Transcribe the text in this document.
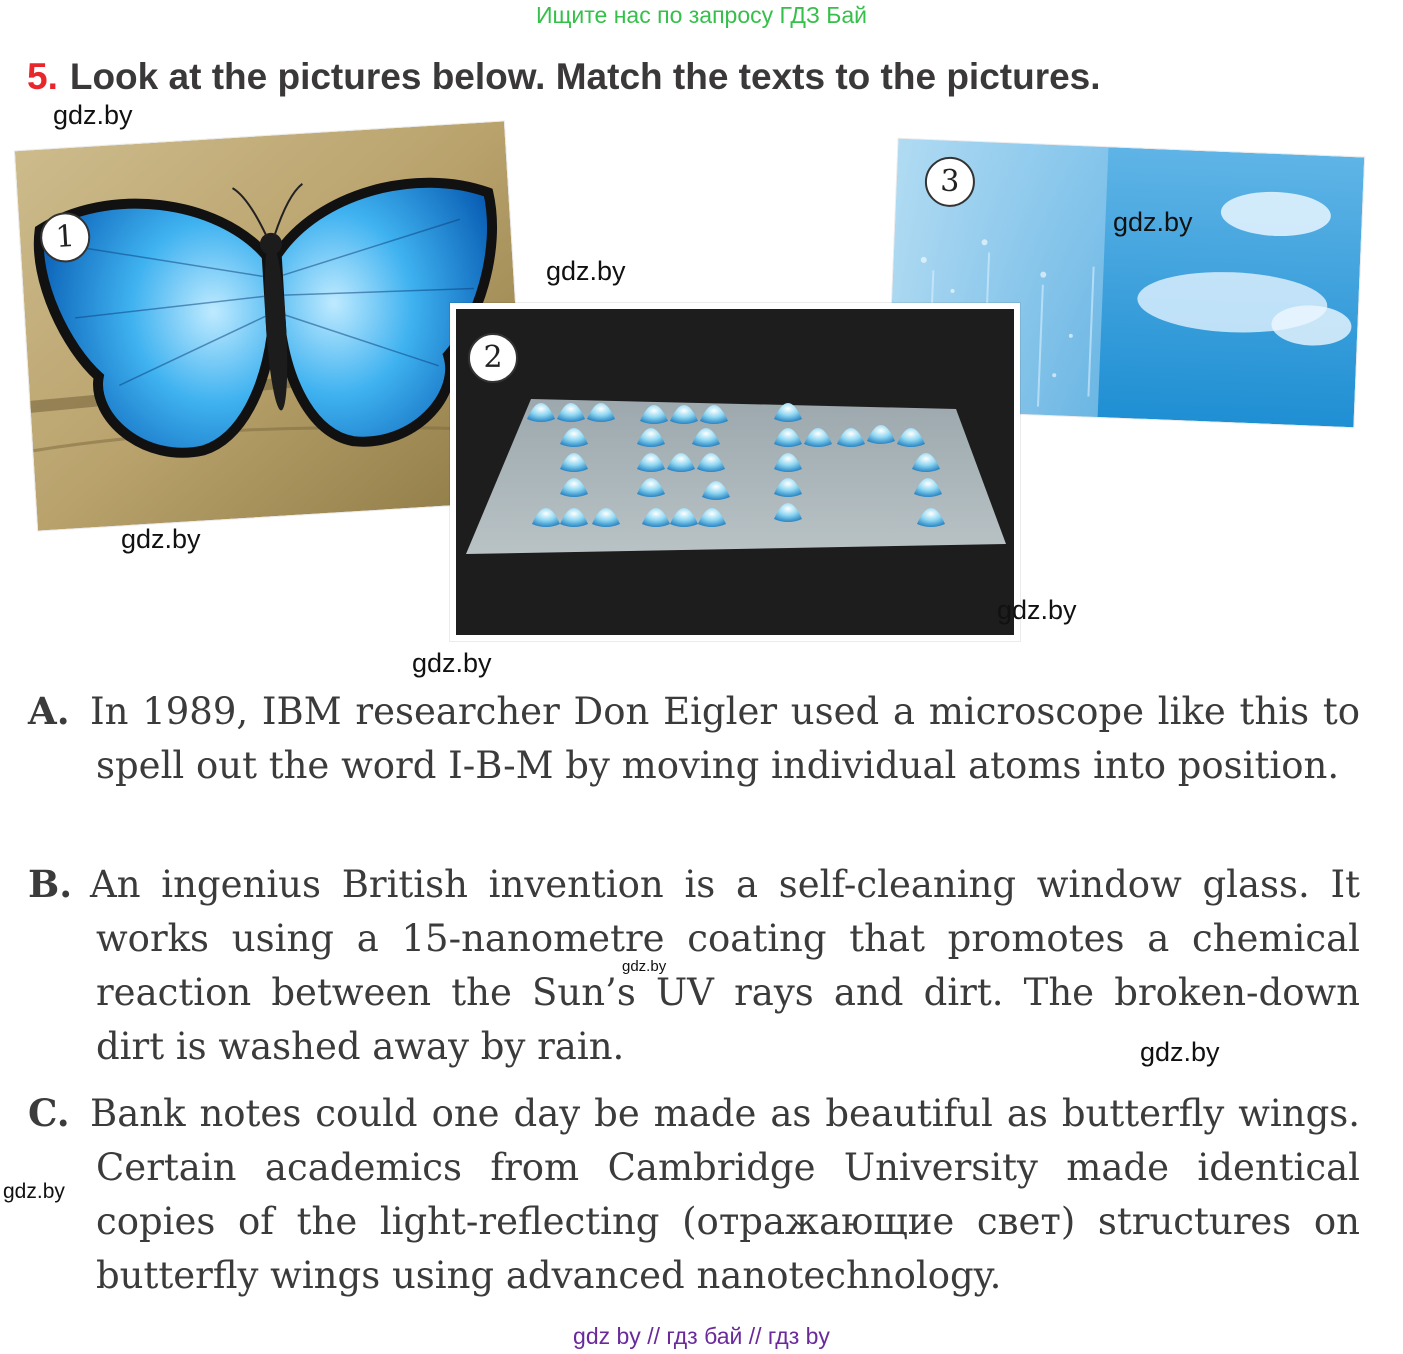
Ищите нас по запросу ГДЗ Бай
5. Look at the pictures below. Match the texts to the pictures.
1
3
2
gdz.by
gdz.by
gdz.by
gdz.by
gdz.by
gdz.by
A. In 1989, IBM researcher Don Eigler used a microscope like this to spell out the word I-B-M by moving individual atoms into position.
B. An ingenius British invention is a self-cleaning window glass. It works using a 15-nanometre coating that promotes a chemical reaction between the Sun’s UV rays and dirt. The broken-down dirt is washed away by rain.
C. Bank notes could one day be made as beautiful as butterfly wings. Certain academics from Cambridge University made identical copies of the light-reflecting (отражающие свет) structures on butterfly wings using advanced nanotechnology.
gdz.by
gdz.by
gdz.by
gdz by // гдз бай // гдз by
